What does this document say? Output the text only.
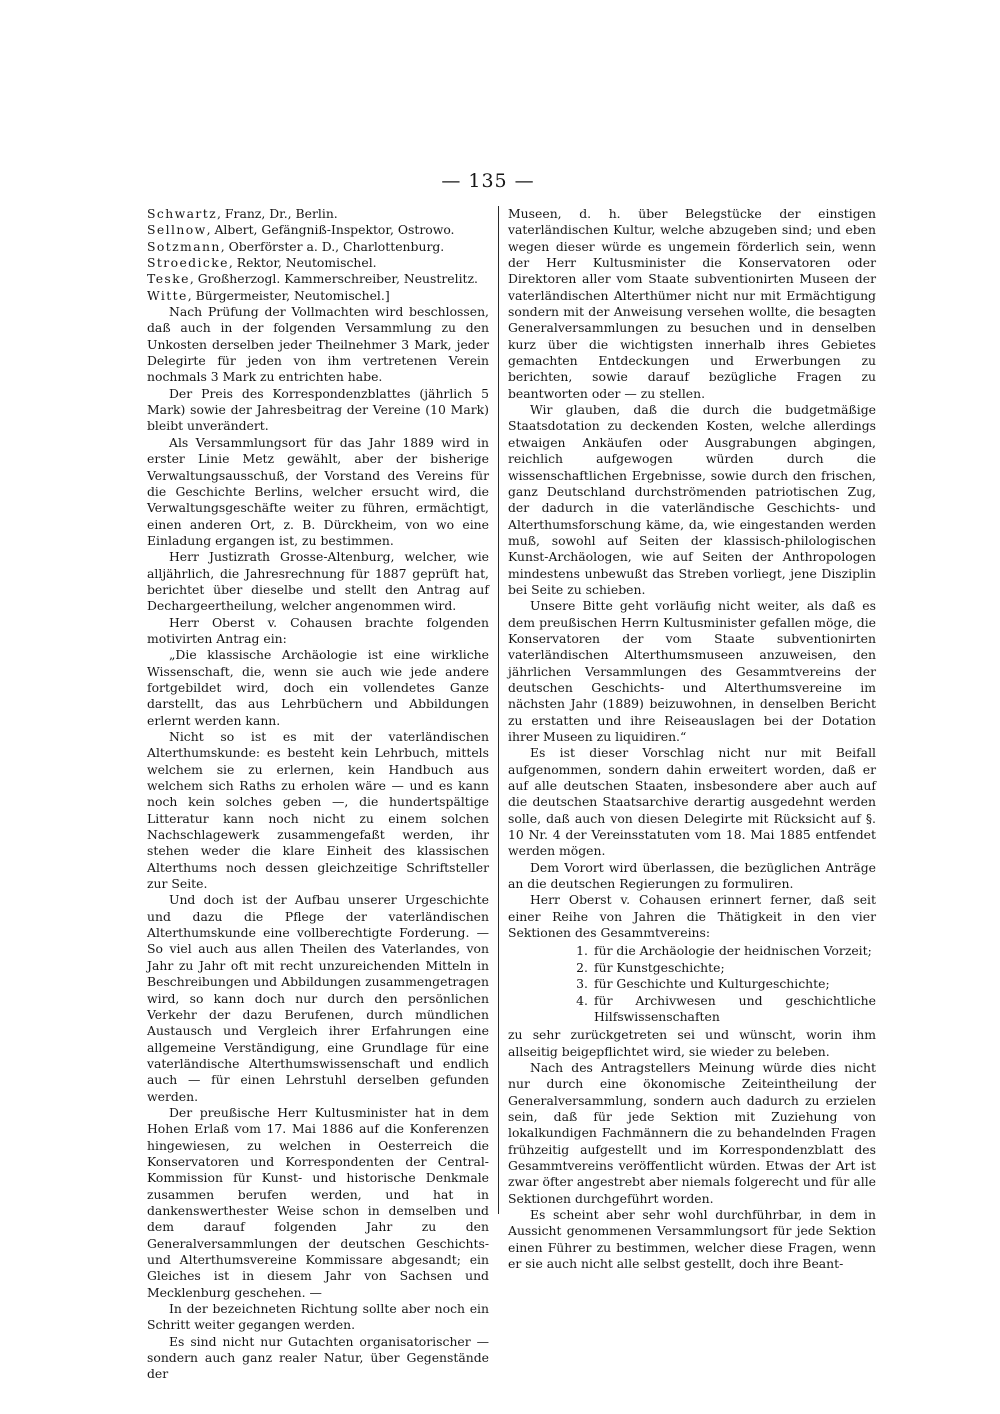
— 135 —

Schwartz, Franz, Dr., Berlin.

Sellnow, Albert, Gefängniß-Inspektor, Ostrowo.

Sotzmann, Oberförster a. D., Charlottenburg.

Stroedicke, Rektor, Neutomischel.

Teske, Großherzogl. Kammerschreiber, Neustrelitz.

Witte, Bürgermeister, Neutomischel.]

Nach Prüfung der Vollmachten wird beschlossen, daß auch in der folgenden Versammlung zu den Unkosten derselben jeder Theilnehmer 3 Mark, jeder Delegirte für jeden von ihm vertretenen Verein nochmals 3 Mark zu entrichten habe.

Der Preis des Korrespondenzblattes (jährlich 5 Mark) sowie der Jahresbeitrag der Vereine (10 Mark) bleibt unverändert.

Als Versammlungsort für das Jahr 1889 wird in erster Linie Metz gewählt, aber der bisherige Verwaltungsausschuß, der Vorstand des Vereins für die Geschichte Berlins, welcher ersucht wird, die Verwaltungsgeschäfte weiter zu führen, ermächtigt, einen anderen Ort, z. B. Dürckheim, von wo eine Einladung ergangen ist, zu bestimmen.

Herr Justizrath Grosse-Altenburg, welcher, wie alljährlich, die Jahresrechnung für 1887 geprüft hat, berichtet über dieselbe und stellt den Antrag auf Dechargeertheilung, welcher angenommen wird.

Herr Oberst v. Cohausen brachte folgenden motivirten Antrag ein:

„Die klassische Archäologie ist eine wirkliche Wissenschaft, die, wenn sie auch wie jede andere fortgebildet wird, doch ein vollendetes Ganze darstellt, das aus Lehrbüchern und Abbildungen erlernt werden kann.

Nicht so ist es mit der vaterländischen Alterthumskunde: es besteht kein Lehrbuch, mittels welchem sie zu erlernen, kein Handbuch aus welchem sich Raths zu erholen wäre — und es kann noch kein solches geben —, die hundertspältige Litteratur kann noch nicht zu einem solchen Nachschlagewerk zusammengefaßt werden, ihr stehen weder die klare Einheit des klassischen Alterthums noch dessen gleichzeitige Schriftsteller zur Seite.

Und doch ist der Aufbau unserer Urgeschichte und dazu die Pflege der vaterländischen Alterthumskunde eine vollberechtigte Forderung. — So viel auch aus allen Theilen des Vaterlandes, von Jahr zu Jahr oft mit recht unzureichenden Mitteln in Beschreibungen und Abbildungen zusammengetragen wird, so kann doch nur durch den persönlichen Verkehr der dazu Berufenen, durch mündlichen Austausch und Vergleich ihrer Erfahrungen eine allgemeine Verständigung, eine Grundlage für eine vaterländische Alterthumswissenschaft und endlich auch — für einen Lehrstuhl derselben gefunden werden.

Der preußische Herr Kultusminister hat in dem Hohen Erlaß vom 17. Mai 1886 auf die Konferenzen hingewiesen, zu welchen in Oesterreich die Konservatoren und Korrespondenten der Central-Kommission für Kunst- und historische Denkmale zusammen berufen werden, und hat in dankenswerthester Weise schon in demselben und dem darauf folgenden Jahr zu den Generalversammlungen der deutschen Geschichts- und Alterthumsvereine Kommissare abgesandt; ein Gleiches ist in diesem Jahr von Sachsen und Mecklenburg geschehen. —

In der bezeichneten Richtung sollte aber noch ein Schritt weiter gegangen werden.

Es sind nicht nur Gutachten organisatorischer — sondern auch ganz realer Natur, über Gegenstände der

Museen, d. h. über Belegstücke der einstigen vaterländischen Kultur, welche abzugeben sind; und eben wegen dieser würde es ungemein förderlich sein, wenn der Herr Kultusminister die Konservatoren oder Direktoren aller vom Staate subventionirten Museen der vaterländischen Alterthümer nicht nur mit Ermächtigung sondern mit der Anweisung versehen wollte, die besagten Generalversammlungen zu besuchen und in denselben kurz über die wichtigsten innerhalb ihres Gebietes gemachten Entdeckungen und Erwerbungen zu berichten, sowie darauf bezügliche Fragen zu beantworten oder — zu stellen.

Wir glauben, daß die durch die budgetmäßige Staatsdotation zu deckenden Kosten, welche allerdings etwaigen Ankäufen oder Ausgrabungen abgingen, reichlich aufgewogen würden durch die wissenschaftlichen Ergebnisse, sowie durch den frischen, ganz Deutschland durchströmenden patriotischen Zug, der dadurch in die vaterländische Geschichts- und Alterthumsforschung käme, da, wie eingestanden werden muß, sowohl auf Seiten der klassisch-philologischen Kunst-Archäologen, wie auf Seiten der Anthropologen mindestens unbewußt das Streben vorliegt, jene Disziplin bei Seite zu schieben.

Unsere Bitte geht vorläufig nicht weiter, als daß es dem preußischen Herrn Kultusminister gefallen möge, die Konservatoren der vom Staate subventionirten vaterländischen Alterthumsmuseen anzuweisen, den jährlichen Versammlungen des Gesammtvereins der deutschen Geschichts- und Alterthumsvereine im nächsten Jahr (1889) beizuwohnen, in denselben Bericht zu erstatten und ihre Reiseauslagen bei der Dotation ihrer Museen zu liquidiren.“

Es ist dieser Vorschlag nicht nur mit Beifall aufgenommen, sondern dahin erweitert worden, daß er auf alle deutschen Staaten, insbesondere aber auch auf die deutschen Staatsarchive derartig ausgedehnt werden solle, daß auch von diesen Delegirte mit Rücksicht auf §. 10 Nr. 4 der Vereinsstatuten vom 18. Mai 1885 entfendet werden mögen.

Dem Vorort wird überlassen, die bezüglichen Anträge an die deutschen Regierungen zu formuliren.

Herr Oberst v. Cohausen erinnert ferner, daß seit einer Reihe von Jahren die Thätigkeit in den vier Sektionen des Gesammtvereins:

1. für die Archäologie der heidnischen Vorzeit;
2. für Kunstgeschichte;
3. für Geschichte und Kulturgeschichte;
4. für Archivwesen und geschichtliche Hilfswissenschaften

zu sehr zurückgetreten sei und wünscht, worin ihm allseitig beigepflichtet wird, sie wieder zu beleben.

Nach des Antragstellers Meinung würde dies nicht nur durch eine ökonomische Zeiteintheilung der Generalversammlung, sondern auch dadurch zu erzielen sein, daß für jede Sektion mit Zuziehung von lokalkundigen Fachmännern die zu behandelnden Fragen frühzeitig aufgestellt und im Korrespondenzblatt des Gesammtvereins veröffentlicht würden. Etwas der Art ist zwar öfter angestrebt aber niemals folgerecht und für alle Sektionen durchgeführt worden.

Es scheint aber sehr wohl durchführbar, in dem in Aussicht genommenen Versammlungsort für jede Sektion einen Führer zu bestimmen, welcher diese Fragen, wenn er sie auch nicht alle selbst gestellt, doch ihre Beant-
